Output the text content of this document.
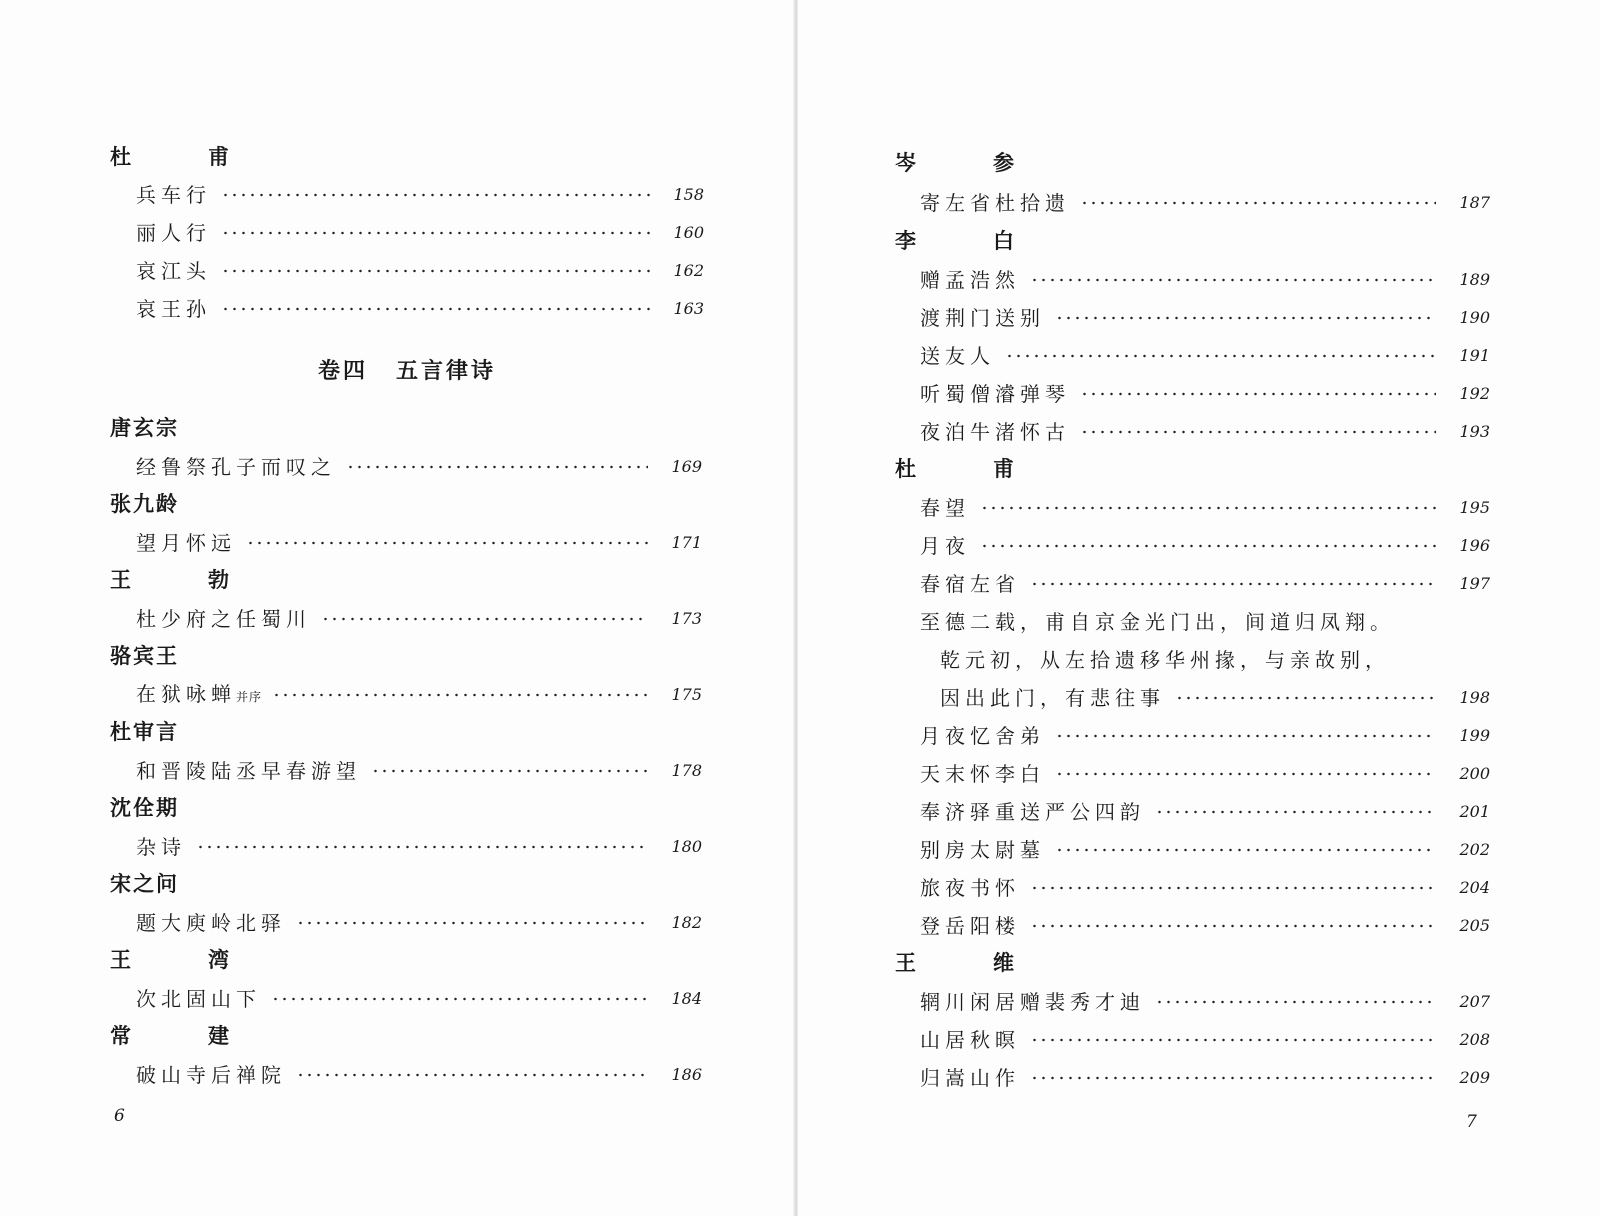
杜　甫
兵车行	158
丽人行	160
哀江头	162
哀王孙	163
卷四 五言律诗
唐玄宗
经鲁祭孔子而叹之	169
张九龄
望月怀远	171
王　勃
杜少府之任蜀川	173
骆宾王
在狱咏蝉并序	175
杜审言
和晋陵陆丞早春游望	178
沈佺期
杂诗	180
宋之问
题大庾岭北驿	182
王　湾
次北固山下	184
常　建
破山寺后禅院	186
6
岑　参
寄左省杜拾遗	187
李　白
赠孟浩然	189
渡荆门送别	190
送友人	191
听蜀僧濬弹琴	192
夜泊牛渚怀古	193
杜　甫
春望	195
月夜	196
春宿左省	197
至德二载，甫自京金光门出，间道归凤翔。
乾元初，从左拾遗移华州掾，与亲故别，
因出此门，有悲往事	198
月夜忆舍弟	199
天末怀李白	200
奉济驿重送严公四韵	201
别房太尉墓	202
旅夜书怀	204
登岳阳楼	205
王　维
辋川闲居赠裴秀才迪	207
山居秋暝	208
归嵩山作	209
7
